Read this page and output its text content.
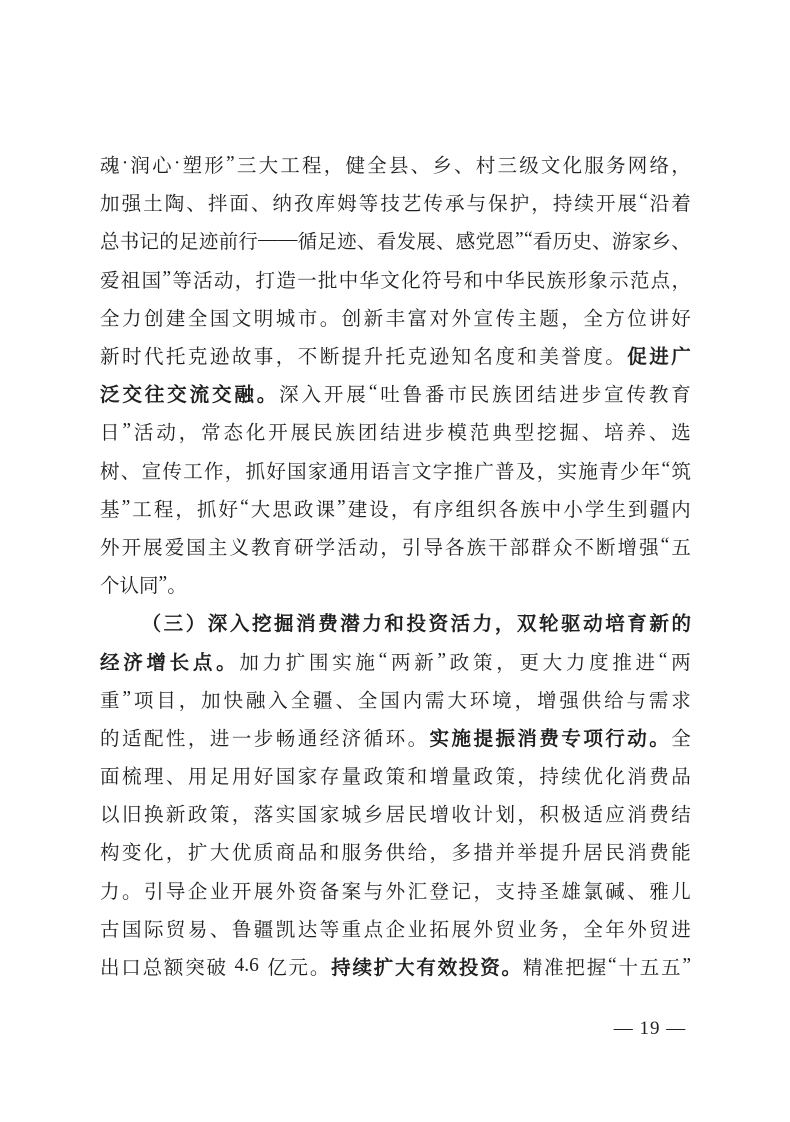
魂 · 润 心 · 塑 形 ” 三 大 工 程 ， 健 全 县 、 乡 、 村 三 级 文 化 服 务 网 络 ，
加 强 土 陶 、 拌 面 、 纳 孜 库 姆 等 技 艺 传 承 与 保 护 ， 持 续 开 展 “ 沿 着
总 书 记 的 足 迹 前 行 — — 循 足 迹 、 看 发 展 、 感 党 恩 ” “ 看 历 史 、 游 家 乡 、
爱 祖 国 ” 等 活 动 ， 打 造 一 批 中 华 文 化 符 号 和 中 华 民 族 形 象 示 范 点 ，
全 力 创 建 全 国 文 明 城 市 。 创 新 丰 富 对 外 宣 传 主 题 ， 全 方 位 讲 好
新 时 代 托 克 逊 故 事 ， 不 断 提 升 托 克 逊 知 名 度 和 美 誉 度 。 促 进 广
泛 交 往 交 流 交 融 。 深 入 开 展 “ 吐 鲁 番 市 民 族 团 结 进 步 宣 传 教 育
日 ” 活 动 ， 常 态 化 开 展 民 族 团 结 进 步 模 范 典 型 挖 掘 、 培 养 、 选
树 、 宣 传 工 作 ， 抓 好 国 家 通 用 语 言 文 字 推 广 普 及 ， 实 施 青 少 年 “ 筑
基 ” 工 程 ， 抓 好 “ 大 思 政 课 ” 建 设 ， 有 序 组 织 各 族 中 小 学 生 到 疆 内
外 开 展 爱 国 主 义 教 育 研 学 活 动 ， 引 导 各 族 干 部 群 众 不 断 增 强 “ 五
个 认 同 ” 。
（ 三 ） 深 入 挖 掘 消 费 潜 力 和 投 资 活 力 ， 双 轮 驱 动 培 育 新 的
经 济 增 长 点 。 加 力 扩 围 实 施 “ 两 新 ” 政 策 ， 更 大 力 度 推 进 “ 两
重 ” 项 目 ， 加 快 融 入 全 疆 、 全 国 内 需 大 环 境 ， 增 强 供 给 与 需 求
的 适 配 性 ， 进 一 步 畅 通 经 济 循 环 。 实 施 提 振 消 费 专 项 行 动 。 全
面 梳 理 、 用 足 用 好 国 家 存 量 政 策 和 增 量 政 策 ， 持 续 优 化 消 费 品
以 旧 换 新 政 策 ， 落 实 国 家 城 乡 居 民 增 收 计 划 ， 积 极 适 应 消 费 结
构 变 化 ， 扩 大 优 质 商 品 和 服 务 供 给 ， 多 措 并 举 提 升 居 民 消 费 能
力 。 引 导 企 业 开 展 外 资 备 案 与 外 汇 登 记 ， 支 持 圣 雄 氯 碱 、 雅 儿
古 国 际 贸 易 、 鲁 疆 凯 达 等 重 点 企 业 拓 展 外 贸 业 务 ， 全 年 外 贸 进
出 口 总 额 突 破
4.6
亿 元 。 持 续 扩 大 有 效 投 资 。 精 准 把 握 “ 十 五 五 ”
— 19 —
